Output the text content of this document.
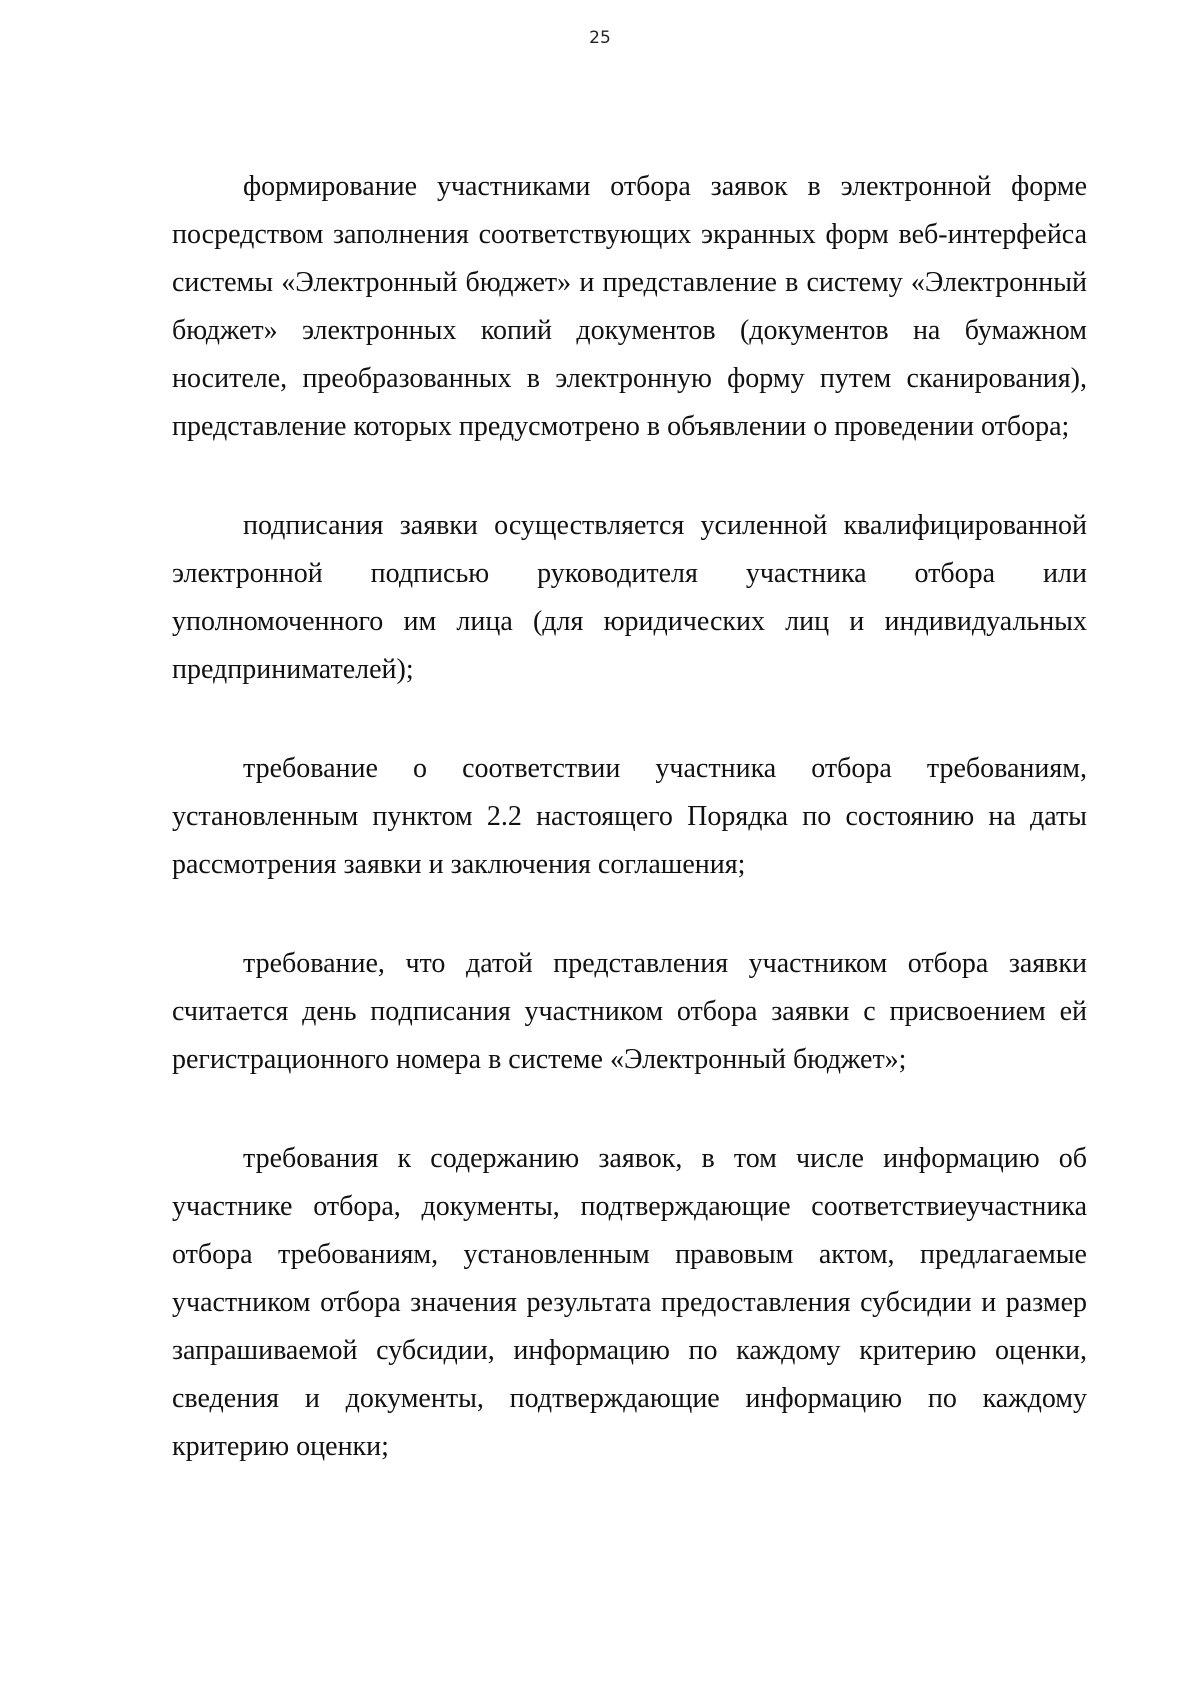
25

формирование участниками отбора заявок в электронной форме посредством заполнения соответствующих экранных форм веб-интерфейса системы «Электронный бюджет» и представление в систему «Электронный бюджет» электронных копий документов (документов на бумажном носителе, преобразованных в электронную форму путем сканирования), представление которых предусмотрено в объявлении о проведении отбора;

подписания заявки осуществляется усиленной квалифицированной электронной подписью руководителя участника отбора или уполномоченного им лица (для юридических лиц и индивидуальных предпринимателей);

требование о соответствии участника отбора требованиям, установленным пунктом 2.2 настоящего Порядка по состоянию на даты рассмотрения заявки и заключения соглашения;

требование, что датой представления участником отбора заявки считается день подписания участником отбора заявки с присвоением ей регистрационного номера в системе «Электронный бюджет»;

требования к содержанию заявок, в том числе информацию об участнике отбора, документы, подтверждающие соответствиеучастника отбора требованиям, установленным правовым актом, предлагаемые участником отбора значения результата предоставления субсидии и размер запрашиваемой субсидии, информацию по каждому критерию оценки, сведения и документы, подтверждающие информацию по каждому критерию оценки;
